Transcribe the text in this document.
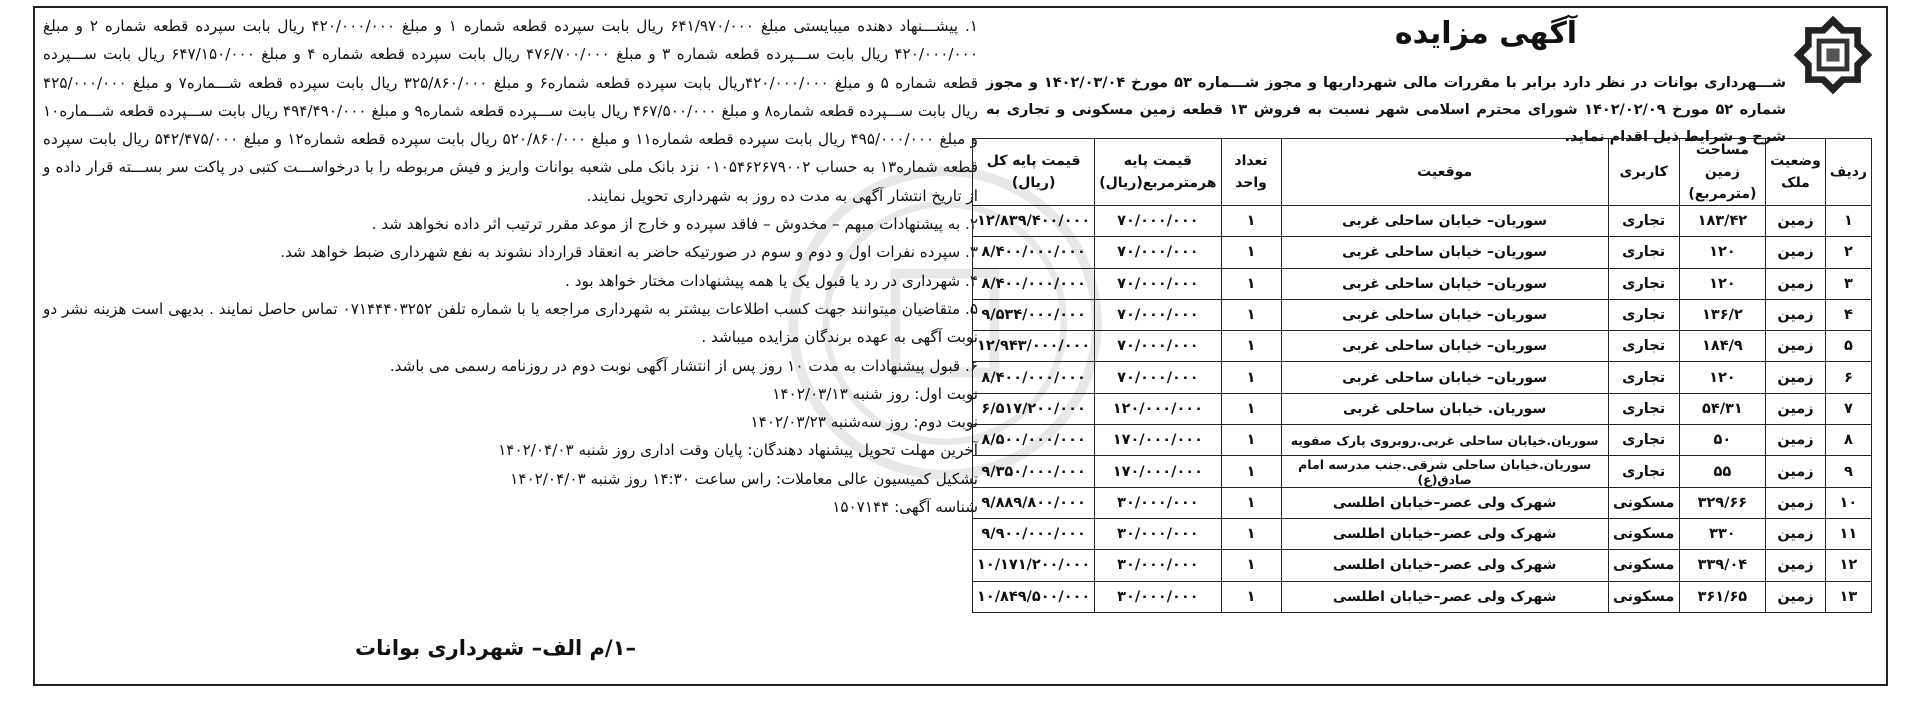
۱. پیشـــنهاد دهنده میبایستی مبلغ ۶۴۱/۹۷۰/۰۰۰ ریال بابت سپرده قطعه شماره ۱ و مبلغ ۴۲۰/۰۰۰/۰۰۰ ریال بابت سپرده قطعه شماره ۲ و مبلغ ۴۲۰/۰۰۰/۰۰۰ ریال بابت ســـپرده قطعه شماره ۳ و مبلغ ۴۷۶/۷۰۰/۰۰۰ ریال بابت سپرده قطعه شماره ۴ و مبلغ ۶۴۷/۱۵۰/۰۰۰ ریال بابت ســـپرده قطعه شماره ۵ و مبلغ ۴۲۰/۰۰۰/۰۰۰ریال بابت سپرده قطعه شماره۶ و مبلغ ۳۲۵/۸۶۰/۰۰۰ ریال بابت سپرده قطعه شـــماره۷ و مبلغ ۴۲۵/۰۰۰/۰۰۰ ریال بابت ســـپرده قطعه شماره۸ و مبلغ ۴۶۷/۵۰۰/۰۰۰ ریال بابت ســـپرده قطعه شماره۹ و مبلغ ۴۹۴/۴۹۰/۰۰۰ ریال بابت ســـپرده قطعه شـــماره۱۰ و مبلغ ۴۹۵/۰۰۰/۰۰۰ ریال بابت سپرده قطعه شماره۱۱ و مبلغ ۵۲۰/۸۶۰/۰۰۰ ریال بابت سپرده قطعه شماره۱۲ و مبلغ ۵۴۲/۴۷۵/۰۰۰ ریال بابت سپرده قطعه شماره۱۳ به حساب ۰۱۰۵۴۶۲۶۷۹۰۰۲ نزد بانک ملی شعبه بوانات واریز و فیش مربوطه را با درخواســـت کتبی در پاکت سر بســـته قرار داده و از تاریخ انتشار آگهی به مدت ده روز به شهرداری تحویل نمایند.

۲. به پیشنهادات مبهم – مخدوش – فاقد سپرده و خارج از موعد مقرر ترتیب اثر داده نخواهد شد .

۳. سپرده نفرات اول و دوم و سوم در صورتیکه حاضر به انعقاد قرارداد نشوند به نفع شهرداری ضبط خواهد شد.

۴. شهرداری در رد یا قبول یک یا همه پیشنهادات مختار خواهد بود .

۵. متقاضیان میتوانند جهت کسب اطلاعات بیشتر به شهرداری مراجعه یا با شماره تلفن ۰۷۱۴۴۴۰۳۲۵۲ تماس حاصل نمایند . بدیهی است هزینه نشر دو نوبت آگهی به عهده برندگان مزایده میباشد .

۶. قبول پیشنهادات به مدت ۱۰ روز پس از انتشار آگهی نوبت دوم در روزنامه رسمی می باشد.

نوبت اول: روز شنبه ۱۴۰۲/۰۳/۱۳

نوبت دوم: روز سه‌شنبه ۱۴۰۲/۰۳/۲۳

آخرین مهلت تحویل پیشنهاد دهندگان: پایان وقت اداری روز شنبه ۱۴۰۲/۰۴/۰۳

تشکیل کمیسیون عالی معاملات: راس ساعت ۱۴:۳۰ روز شنبه ۱۴۰۲/۰۴/۰۳

شناسه آگهی: ۱۵۰۷۱۴۴

–۱/م الف– شهرداری بوانات
آگهی مزایده
شـــهرداری بوانات در نظر دارد برابر با مقررات مالی شهرداریها و مجوز شـــماره ۵۳ مورخ ۱۴۰۲/۰۳/۰۴ و مجوز شماره ۵۲ مورخ ۱۴۰۲/۰۲/۰۹ شورای محترم اسلامی شهر نسبت به فروش ۱۳ قطعه زمین مسکونی و تجاری به شرح و شرایط ذیل اقدام نماید.
ردیف	وضعیت ملک	مساحت زمین (مترمربع)	کاربری	موقعیت	تعداد واحد	قیمت پایه هرمترمربع(ریال)	قیمت پایه کل (ریال)
۱	زمین	۱۸۳/۴۲	تجاری	سوریان– خیابان ساحلی غربی	۱	۷۰/۰۰۰/۰۰۰	۱۲/۸۳۹/۴۰۰/۰۰۰
۲	زمین	۱۲۰	تجاری	سوریان– خیابان ساحلی غربی	۱	۷۰/۰۰۰/۰۰۰	۸/۴۰۰/۰۰۰/۰۰۰
۳	زمین	۱۲۰	تجاری	سوریان– خیابان ساحلی غربی	۱	۷۰/۰۰۰/۰۰۰	۸/۴۰۰/۰۰۰/۰۰۰
۴	زمین	۱۳۶/۲	تجاری	سوریان– خیابان ساحلی غربی	۱	۷۰/۰۰۰/۰۰۰	۹/۵۳۴/۰۰۰/۰۰۰
۵	زمین	۱۸۴/۹	تجاری	سوریان– خیابان ساحلی غربی	۱	۷۰/۰۰۰/۰۰۰	۱۲/۹۴۳/۰۰۰/۰۰۰
۶	زمین	۱۲۰	تجاری	سوریان– خیابان ساحلی غربی	۱	۷۰/۰۰۰/۰۰۰	۸/۴۰۰/۰۰۰/۰۰۰
۷	زمین	۵۴/۳۱	تجاری	سوریان. خیابان ساحلی غربی	۱	۱۲۰/۰۰۰/۰۰۰	۶/۵۱۷/۲۰۰/۰۰۰
۸	زمین	۵۰	تجاری	سوریان.خیابان ساحلی غربی.روبروی پارک صفویه	۱	۱۷۰/۰۰۰/۰۰۰	۸/۵۰۰/۰۰۰/۰۰۰
۹	زمین	۵۵	تجاری	سوریان.خیابان ساحلی شرقی.جنب مدرسه امام صادق(ع)	۱	۱۷۰/۰۰۰/۰۰۰	۹/۳۵۰/۰۰۰/۰۰۰
۱۰	زمین	۳۲۹/۶۶	مسکونی	شهرک ولی عصر–خیابان اطلسی	۱	۳۰/۰۰۰/۰۰۰	۹/۸۸۹/۸۰۰/۰۰۰
۱۱	زمین	۳۳۰	مسکونی	شهرک ولی عصر–خیابان اطلسی	۱	۳۰/۰۰۰/۰۰۰	۹/۹۰۰/۰۰۰/۰۰۰
۱۲	زمین	۳۳۹/۰۴	مسکونی	شهرک ولی عصر–خیابان اطلسی	۱	۳۰/۰۰۰/۰۰۰	۱۰/۱۷۱/۲۰۰/۰۰۰
۱۳	زمین	۳۶۱/۶۵	مسکونی	شهرک ولی عصر–خیابان اطلسی	۱	۳۰/۰۰۰/۰۰۰	۱۰/۸۴۹/۵۰۰/۰۰۰
